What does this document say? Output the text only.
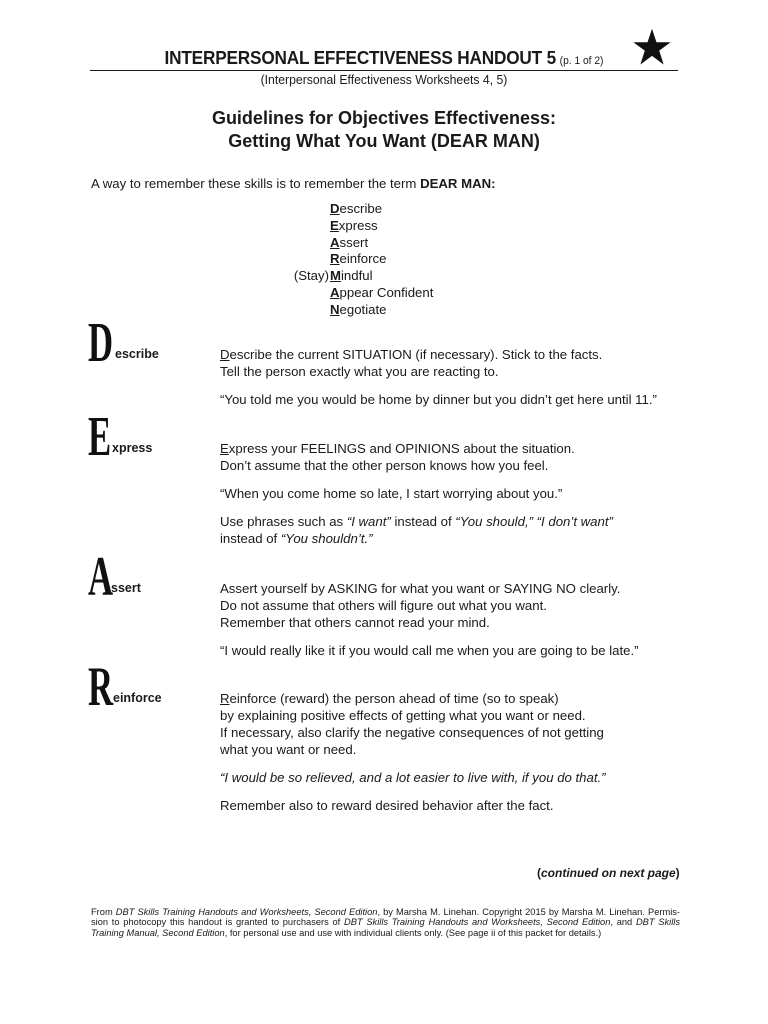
INTERPERSONAL EFFECTIVENESS HANDOUT 5 (p. 1 of 2)
(Interpersonal Effectiveness Worksheets 4, 5)
Guidelines for Objectives Effectiveness:
Getting What You Want (DEAR MAN)
A way to remember these skills is to remember the term DEAR MAN:
D escribe
E xpress
A ssert
R einforce
(Stay) M indful
A ppear Confident
N egotiate
D escribe	Describe the current SITUATION (if necessary). Stick to the facts.
Tell the person exactly what you are reacting to.

“You told me you would be home by dinner but you didn’t get here until 11.”

E xpress	Express your FEELINGS and OPINIONS about the situation.
Don’t assume that the other person knows how you feel.

“When you come home so late, I start worrying about you.”

Use phrases such as “I want” instead of “You should,” “I don’t want”
instead of “You shouldn’t.”

A
ssert	Assert yourself by ASKING for what you want or SAYING NO clearly.
Do not assume that others will figure out what you want.
Remember that others cannot read your mind.

“I would really like it if you would call me when you are going to be late.”

R einforce	Reinforce (reward) the person ahead of time (so to speak)
by explaining positive effects of getting what you want or need.
If necessary, also clarify the negative consequences of not getting
what you want or need.

“I would be so relieved, and a lot easier to live with, if you do that.”

Remember also to reward desired behavior after the fact.

(continued on next page)
From DBT Skills Training Handouts and Worksheets, Second Edition, by Marsha M. Linehan. Copyright 2015 by Marsha M. Linehan. Permis-sion to photocopy this handout is granted to purchasers of DBT Skills Training Handouts and Worksheets, Second Edition, and DBT Skills Training Manual, Second Edition, for personal use and use with individual clients only. (See page ii of this packet for details.)
